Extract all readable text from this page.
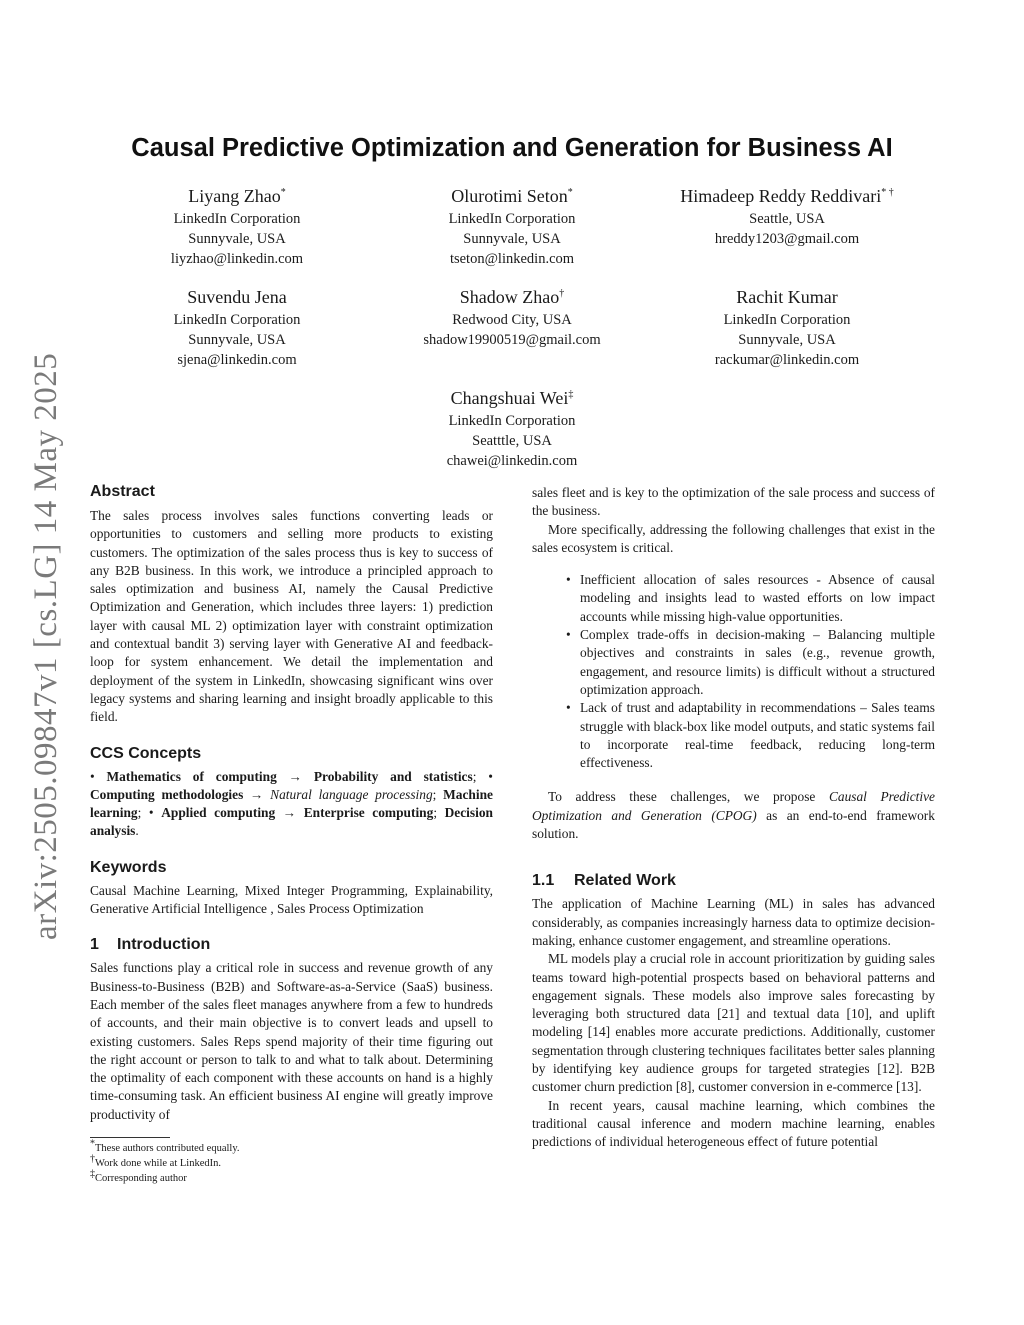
arXiv:2505.09847v1 [cs.LG] 14 May 2025
Causal Predictive Optimization and Generation for Business AI
Liyang Zhao*
LinkedIn Corporation
Sunnyvale, USA
liyzhao@linkedin.com
Olurotimi Seton*
LinkedIn Corporation
Sunnyvale, USA
tseton@linkedin.com
Himadeep Reddy Reddivari* †
Seattle, USA
hreddy1203@gmail.com
Suvendu Jena
LinkedIn Corporation
Sunnyvale, USA
sjena@linkedin.com
Shadow Zhao†
Redwood City, USA
shadow19900519@gmail.com
Rachit Kumar
LinkedIn Corporation
Sunnyvale, USA
rackumar@linkedin.com
Changshuai Wei‡
LinkedIn Corporation
Seatttle, USA
chawei@linkedin.com
Abstract

The sales process involves sales functions converting leads or opportunities to customers and selling more products to existing customers. The optimization of the sales process thus is key to success of any B2B business. In this work, we introduce a principled approach to sales optimization and business AI, namely the Causal Predictive Optimization and Generation, which includes three layers: 1) prediction layer with causal ML 2) optimization layer with constraint optimization and contextual bandit 3) serving layer with Generative AI and feedback-loop for system enhancement. We detail the implementation and deployment of the system in LinkedIn, showcasing significant wins over legacy systems and sharing learning and insight broadly applicable to this field.

CCS Concepts

• Mathematics of computing → Probability and statistics; • Computing methodologies → Natural language processing; Machine learning; • Applied computing → Enterprise computing; Decision analysis.

Keywords

Causal Machine Learning, Mixed Integer Programming, Explainability, Generative Artificial Intelligence , Sales Process Optimization

1 Introduction

Sales functions play a critical role in success and revenue growth of any Business-to-Business (B2B) and Software-as-a-Service (SaaS) business. Each member of the sales fleet manages anywhere from a few to hundreds of accounts, and their main objective is to convert leads and upsell to existing customers. Sales Reps spend majority of their time figuring out the right account or person to talk to and what to talk about. Determining the optimality of each component with these accounts on hand is a highly time-consuming task. An efficient business AI engine will greatly improve productivity of

*These authors contributed equally.
†Work done while at LinkedIn.
‡Corresponding author

sales fleet and is key to the optimization of the sale process and success of the business.

More specifically, addressing the following challenges that exist in the sales ecosystem is critical.

• Inefficient allocation of sales resources - Absence of causal modeling and insights lead to wasted efforts on low impact accounts while missing high-value opportunities.
• Complex trade-offs in decision-making – Balancing multiple objectives and constraints in sales (e.g., revenue growth, engagement, and resource limits) is difficult without a structured optimization approach.
• Lack of trust and adaptability in recommendations – Sales teams struggle with black-box like model outputs, and static systems fail to incorporate real-time feedback, reducing long-term effectiveness.

To address these challenges, we propose Causal Predictive Optimization and Generation (CPOG) as an end-to-end framework solution.

1.1 Related Work

The application of Machine Learning (ML) in sales has advanced considerably, as companies increasingly harness data to optimize decision-making, enhance customer engagement, and streamline operations.

ML models play a crucial role in account prioritization by guiding sales teams toward high-potential prospects based on behavioral patterns and engagement signals. These models also improve sales forecasting by leveraging both structured data [21] and textual data [10], and uplift modeling [14] enables more accurate predictions. Additionally, customer segmentation through clustering techniques facilitates better sales planning by identifying key audience groups for targeted strategies [12]. B2B customer churn prediction [8], customer conversion in e-commerce [13].

In recent years, causal machine learning, which combines the traditional causal inference and modern machine learning, enables predictions of individual heterogeneous effect of future potential
